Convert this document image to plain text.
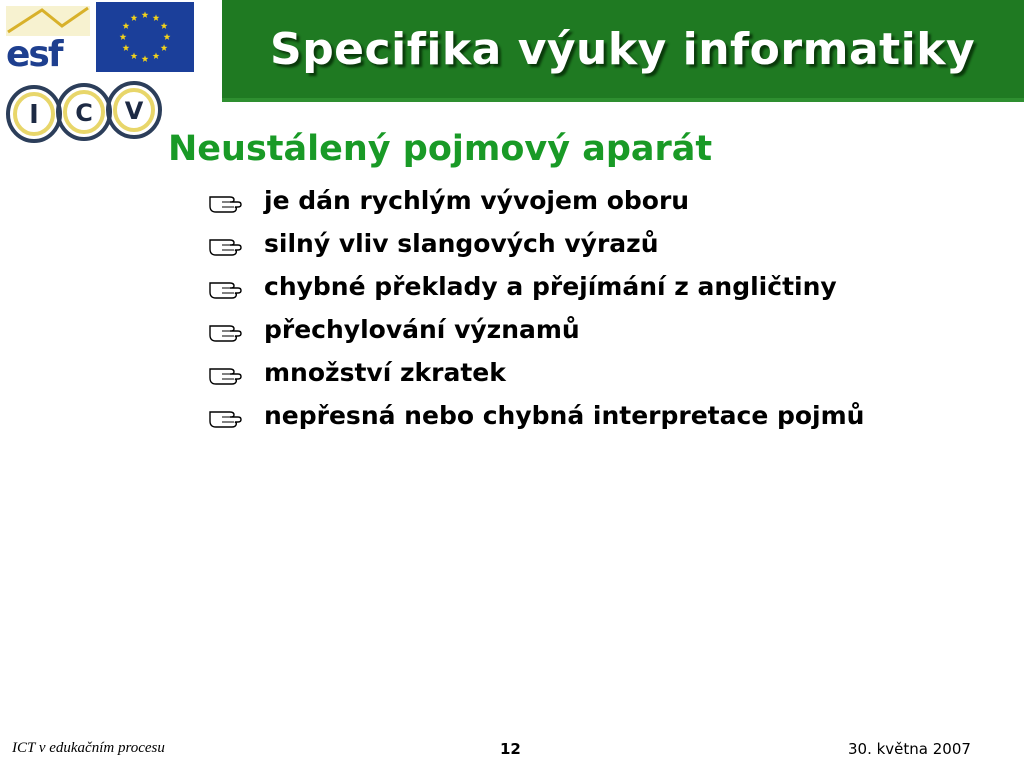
esf
I C V
Specifika výuky informatiky
Neustálený pojmový aparát
je dán rychlým vývojem oboru
silný vliv slangových výrazů
chybné překlady a přejímání z angličtiny
přechylování významů
množství zkratek
nepřesná nebo chybná interpretace pojmů
ICT v edukačním procesu	12	30. května 2007
